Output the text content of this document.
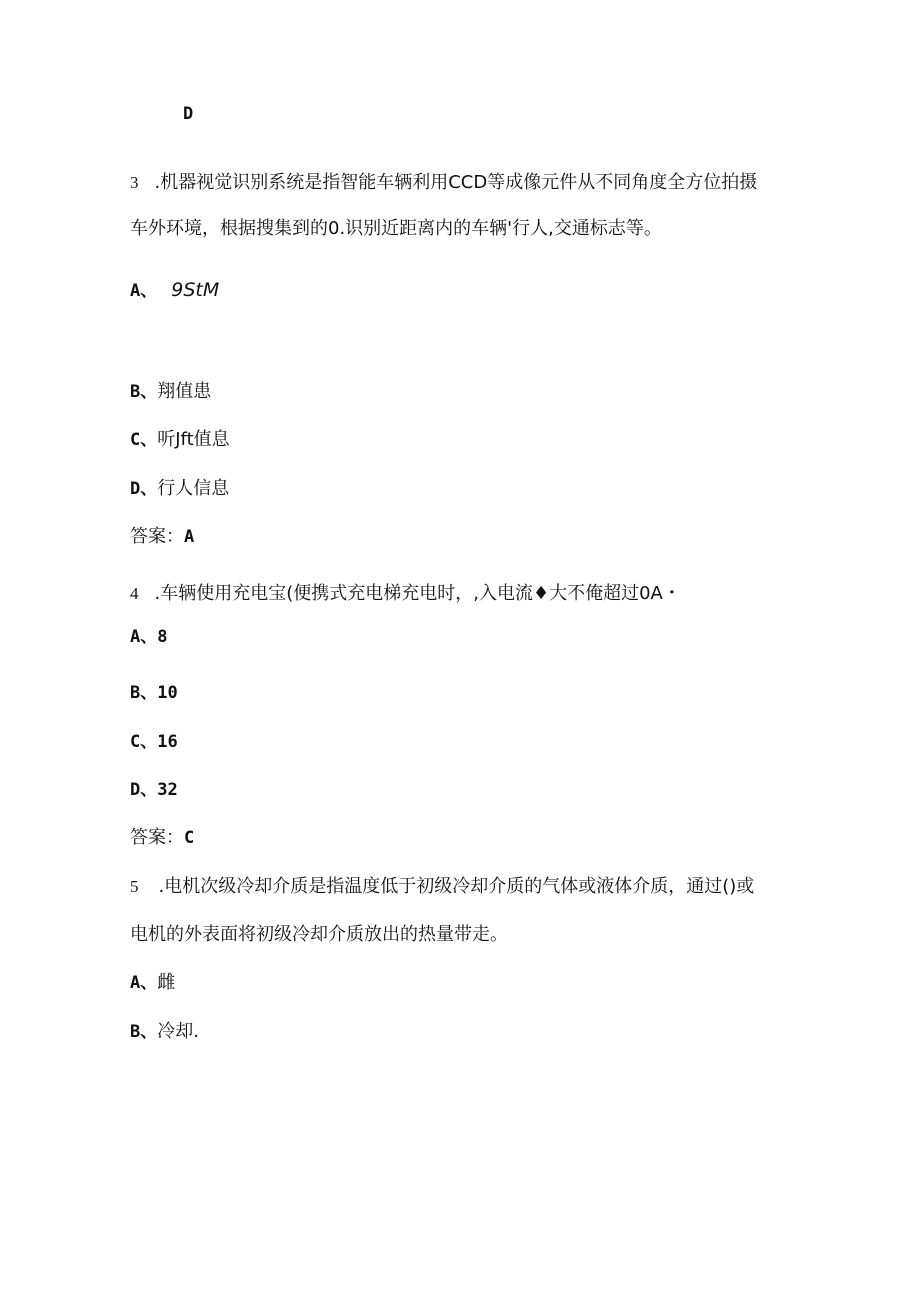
D
3 .机器视觉识别系统是指智能车辆利用CCD等成像元件从不同角度全方位拍摄
车外环境，根据搜集到的0.识别近距离内的车辆'行人,交通标志等。
A、 9StM
B、翔值患
C、听Jft值息
D、行人信息
答案：A
4 .车辆使用充电宝(便携式充电梯充电时，,入电流♦大不俺超过0A・
A、8
B、10
C、16
D、32
答案：C
5 .电机次级冷却介质是指温度低于初级冷却介质的气体或液体介质，通过()或
电机的外表面将初级冷却介质放出的热量带走。
A、雌
B、冷却.
